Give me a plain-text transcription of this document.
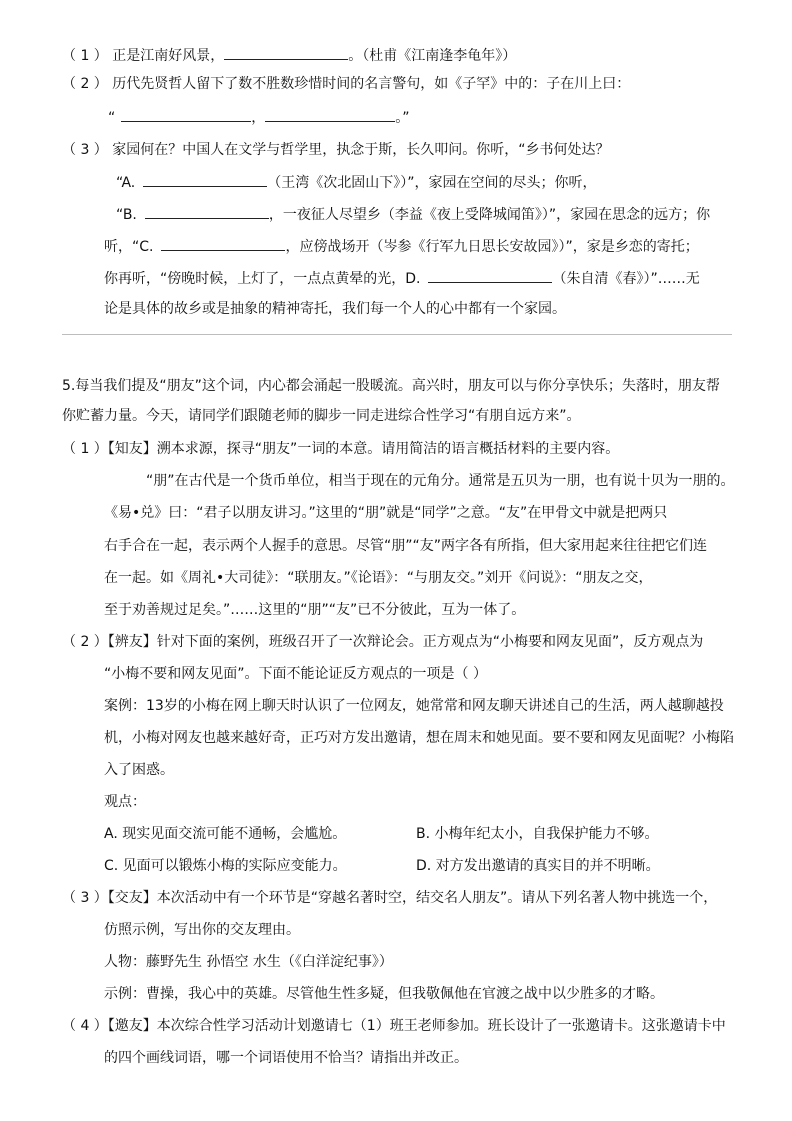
（ 1 ） 正是江南好风景，	。（杜甫《江南逢李龟年》）
（ 2 ） 历代先贤哲人留下了数不胜数珍惜时间的名言警句，如《子罕》中的：子在川上曰：
“	，	。”
（ 3 ） 家园何在？中国人在文学与哲学里，执念于斯，长久叩问。你听，“乡书何处达？
“A.	（王湾《次北固山下》）”，家园在空间的尽头；你听，
“B.	，一夜征人尽望乡（李益《夜上受降城闻笛》）”，家园在思念的远方；你
听，“C.	，应傍战场开（岑参《行军九日思长安故园》）”，家是乡恋的寄托；
你再听，“傍晚时候，上灯了，一点点黄晕的光，D.	（朱自清《春》）”……无
论是具体的故乡或是抽象的精神寄托，我们每一个人的心中都有一个家园。
5.每当我们提及“朋友”这个词，内心都会涌起一股暖流。高兴时，朋友可以与你分享快乐；失落时，朋友帮
你贮蓄力量。今天，请同学们跟随老师的脚步一同走进综合性学习“有朋自远方来”。
（ 1 ）【知友】溯本求源，探寻“朋友”一词的本意。请用简洁的语言概括材料的主要内容。
“朋”在古代是一个货币单位，相当于现在的元角分。通常是五贝为一朋，也有说十贝为一朋的。
《易•兑》曰：“君子以朋友讲习。”这里的“朋”就是“同学”之意。“友”在甲骨文中就是把两只
右手合在一起，表示两个人握手的意思。尽管“朋”“友”两字各有所指，但大家用起来往往把它们连
在一起。如《周礼•大司徒》：“联朋友。”《论语》：“与朋友交。”刘开《问说》：“朋友之交，
至于劝善规过足矣。”……这里的“朋”“友”已不分彼此，互为一体了。
（ 2 ）【辨友】针对下面的案例，班级召开了一次辩论会。正方观点为“小梅要和网友见面”，反方观点为
“小梅不要和网友见面”。下面不能论证反方观点的一项是（ ）
案例：13岁的小梅在网上聊天时认识了一位网友，她常常和网友聊天讲述自己的生活，两人越聊越投
机，小梅对网友也越来越好奇，正巧对方发出邀请，想在周末和她见面。要不要和网友见面呢？小梅陷
入了困惑。
观点：
A. 现实见面交流可能不通畅，会尴尬。	B. 小梅年纪太小，自我保护能力不够。
C. 见面可以锻炼小梅的实际应变能力。	D. 对方发出邀请的真实目的并不明晰。
（ 3 ）【交友】本次活动中有一个环节是“穿越名著时空，结交名人朋友”。请从下列名著人物中挑选一个，
仿照示例，写出你的交友理由。
人物：藤野先生 孙悟空 水生（《白洋淀纪事》）
示例：曹操，我心中的英雄。尽管他生性多疑，但我敬佩他在官渡之战中以少胜多的才略。
（ 4 ）【邀友】本次综合性学习活动计划邀请七（1）班王老师参加。班长设计了一张邀请卡。这张邀请卡中
的四个画线词语，哪一个词语使用不恰当？请指出并改正。
